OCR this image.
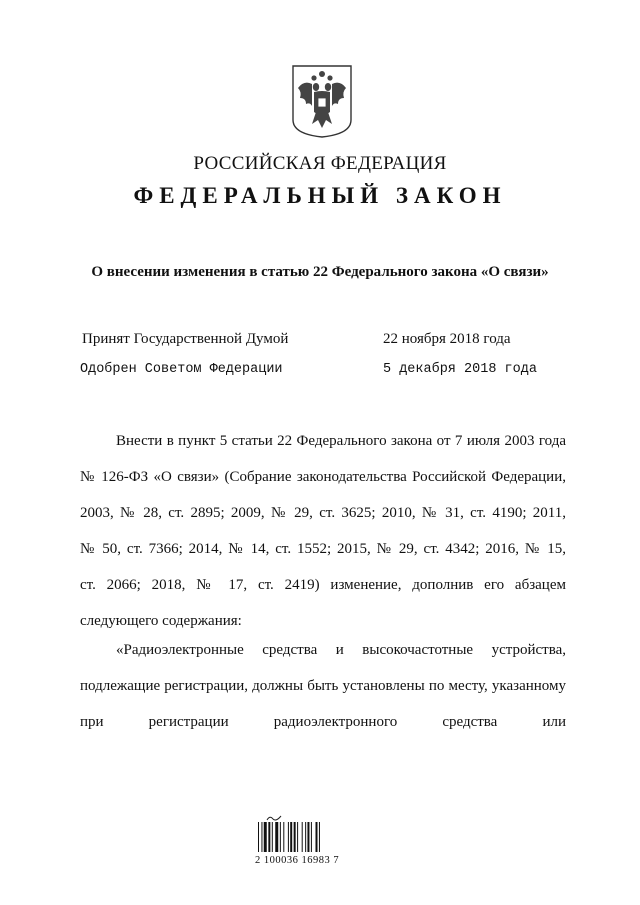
РОССИЙСКАЯ ФЕДЕРАЦИЯ
ФЕДЕРАЛЬНЫЙ ЗАКОН
О внесении изменения в статью 22 Федерального закона «О связи»
Принят Государственной Думой	22 ноября 2018 года
Одобрен Советом Федерации	5 декабря 2018 года
Внести в пункт 5 статьи 22 Федерального закона от 7 июля 2003 года
№ 126-ФЗ «О связи» (Собрание законодательства Российской Федерации,
2003, № 28, ст. 2895; 2009, № 29, ст. 3625; 2010, № 31, ст. 4190; 2011,
№ 50, ст. 7366; 2014, № 14, ст. 1552; 2015, № 29, ст. 4342; 2016, № 15,
ст. 2066; 2018, № 17, ст. 2419) изменение, дополнив его абзацем
следующего содержания:
«Радиоэлектронные средства и высокочастотные устройства,
подлежащие регистрации, должны быть установлены по месту, указанному
при регистрации радиоэлектронного средства или
2 100036 16983 7
